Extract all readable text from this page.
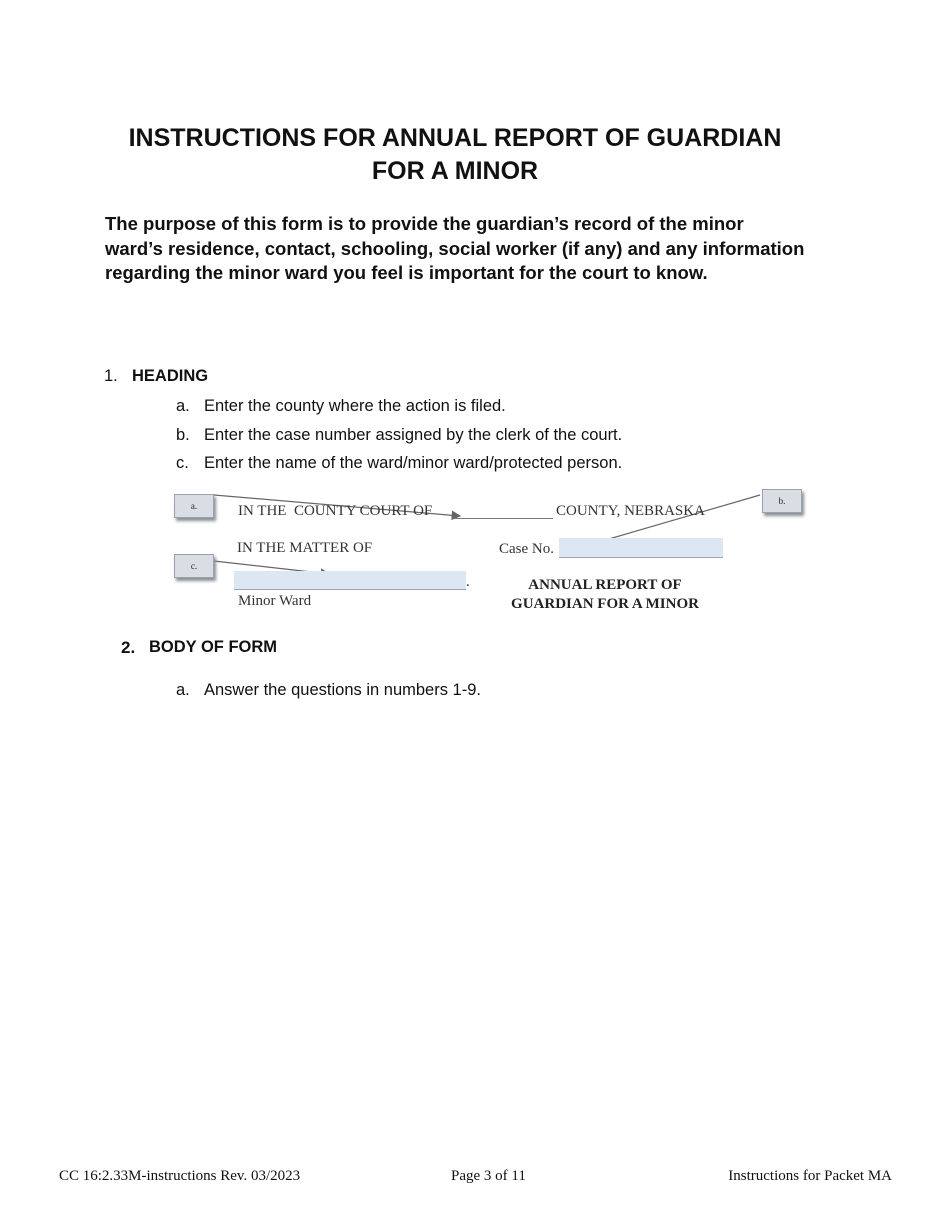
INSTRUCTIONS FOR ANNUAL REPORT OF GUARDIAN
FOR A MINOR
The purpose of this form is to provide the guardian’s record of the minor ward’s residence, contact, schooling, social worker (if any) and any information regarding the minor ward you feel is important for the court to know.
1. HEADING
a. Enter the county where the action is filed.
b. Enter the case number assigned by the clerk of the court.
c. Enter the name of the ward/minor ward/protected person.
a.	b.
c.
IN THE  COUNTY COURT OF	COUNTY, NEBRASKA
IN THE MATTER OF	Case No.
.
Minor Ward
ANNUAL REPORT OF
GUARDIAN FOR A MINOR
2. BODY OF FORM
a. Answer the questions in numbers 1-9.
CC 16:2.33M-instructions Rev. 03/2023	Page 3 of 11	Instructions for Packet MA
